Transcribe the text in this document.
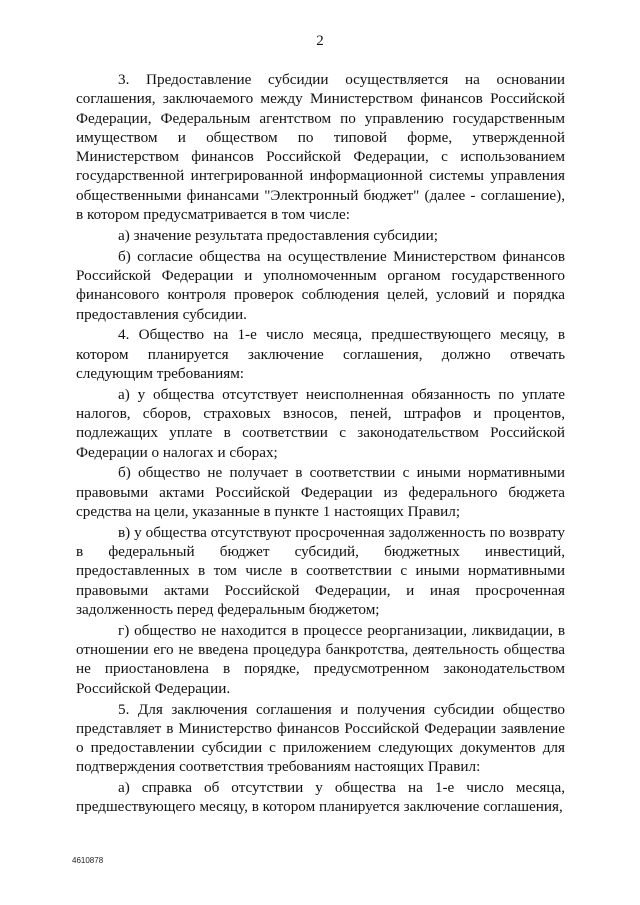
2

3. Предоставление субсидии осуществляется на основании соглашения, заключаемого между Министерством финансов Российской Федерации, Федеральным агентством по управлению государственным имуществом и обществом по типовой форме, утвержденной Министерством финансов Российской Федерации, с использованием государственной интегрированной информационной системы управления общественными финансами "Электронный бюджет" (далее - соглашение), в котором предусматривается в том числе:

а) значение результата предоставления субсидии;

б) согласие общества на осуществление Министерством финансов Российской Федерации и уполномоченным органом государственного финансового контроля проверок соблюдения целей, условий и порядка предоставления субсидии.

4. Общество на 1-е число месяца, предшествующего месяцу, в котором планируется заключение соглашения, должно отвечать следующим требованиям:

а) у общества отсутствует неисполненная обязанность по уплате налогов, сборов, страховых взносов, пеней, штрафов и процентов, подлежащих уплате в соответствии с законодательством Российской Федерации о налогах и сборах;

б) общество не получает в соответствии с иными нормативными правовыми актами Российской Федерации из федерального бюджета средства на цели, указанные в пункте 1 настоящих Правил;

в) у общества отсутствуют просроченная задолженность по возврату в федеральный бюджет субсидий, бюджетных инвестиций, предоставленных в том числе в соответствии с иными нормативными правовыми актами Российской Федерации, и иная просроченная задолженность перед федеральным бюджетом;

г) общество не находится в процессе реорганизации, ликвидации, в отношении его не введена процедура банкротства, деятельность общества не приостановлена в порядке, предусмотренном законодательством Российской Федерации.

5. Для заключения соглашения и получения субсидии общество представляет в Министерство финансов Российской Федерации заявление о предоставлении субсидии с приложением следующих документов для подтверждения соответствия требованиям настоящих Правил:

а) справка об отсутствии у общества на 1-е число месяца, предшествующего месяцу, в котором планируется заключение соглашения,

4610878
